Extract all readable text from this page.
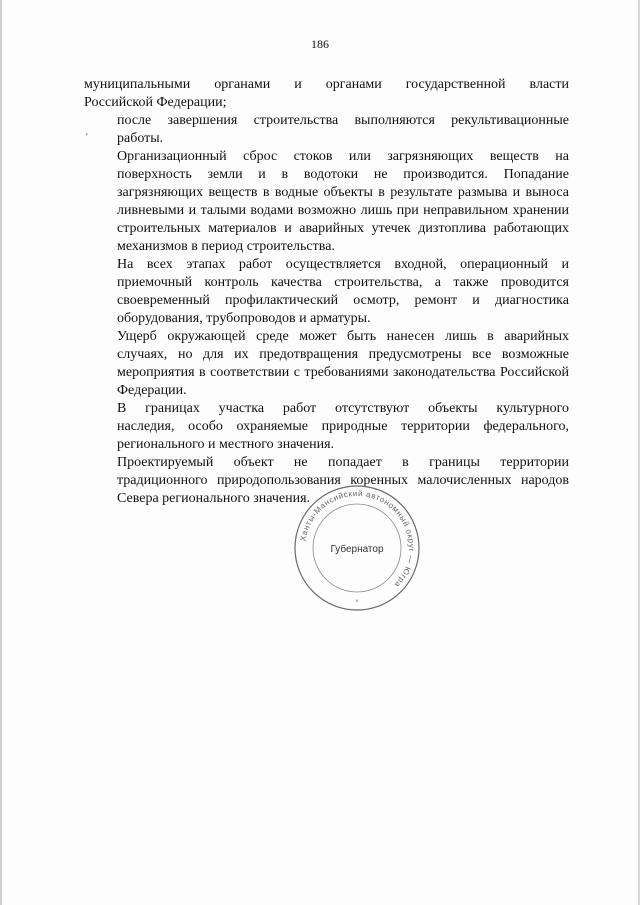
186
'

муниципальными органами и органами государственной власти
Российской Федерации;

после завершения строительства выполняются рекультивационные
работы.

Организационный сброс стоков или загрязняющих веществ на
поверхность земли и в водотоки не производится. Попадание
загрязняющих веществ в водные объекты в результате размыва и выноса
ливневыми и талыми водами возможно лишь при неправильном хранении
строительных материалов и аварийных утечек дизтоплива работающих
механизмов в период строительства.

На всех этапах работ осуществляется входной, операционный и
приемочный контроль качества строительства, а также проводится
своевременный профилактический осмотр, ремонт и диагностика
оборудования, трубопроводов и арматуры.

Ущерб окружающей среде может быть нанесен лишь в аварийных
случаях, но для их предотвращения предусмотрены все возможные
мероприятия в соответствии с требованиями законодательства Российской
Федерации.

В границах участка работ отсутствуют объекты культурного
наследия, особо охраняемые природные территории федерального,
регионального и местного значения.

Проектируемый объект не попадает в границы территории
традиционного природопользования коренных малочисленных народов
Севера регионального значения.

Ханты-Мансийский автономный округ — Югра
Губернатор
×
